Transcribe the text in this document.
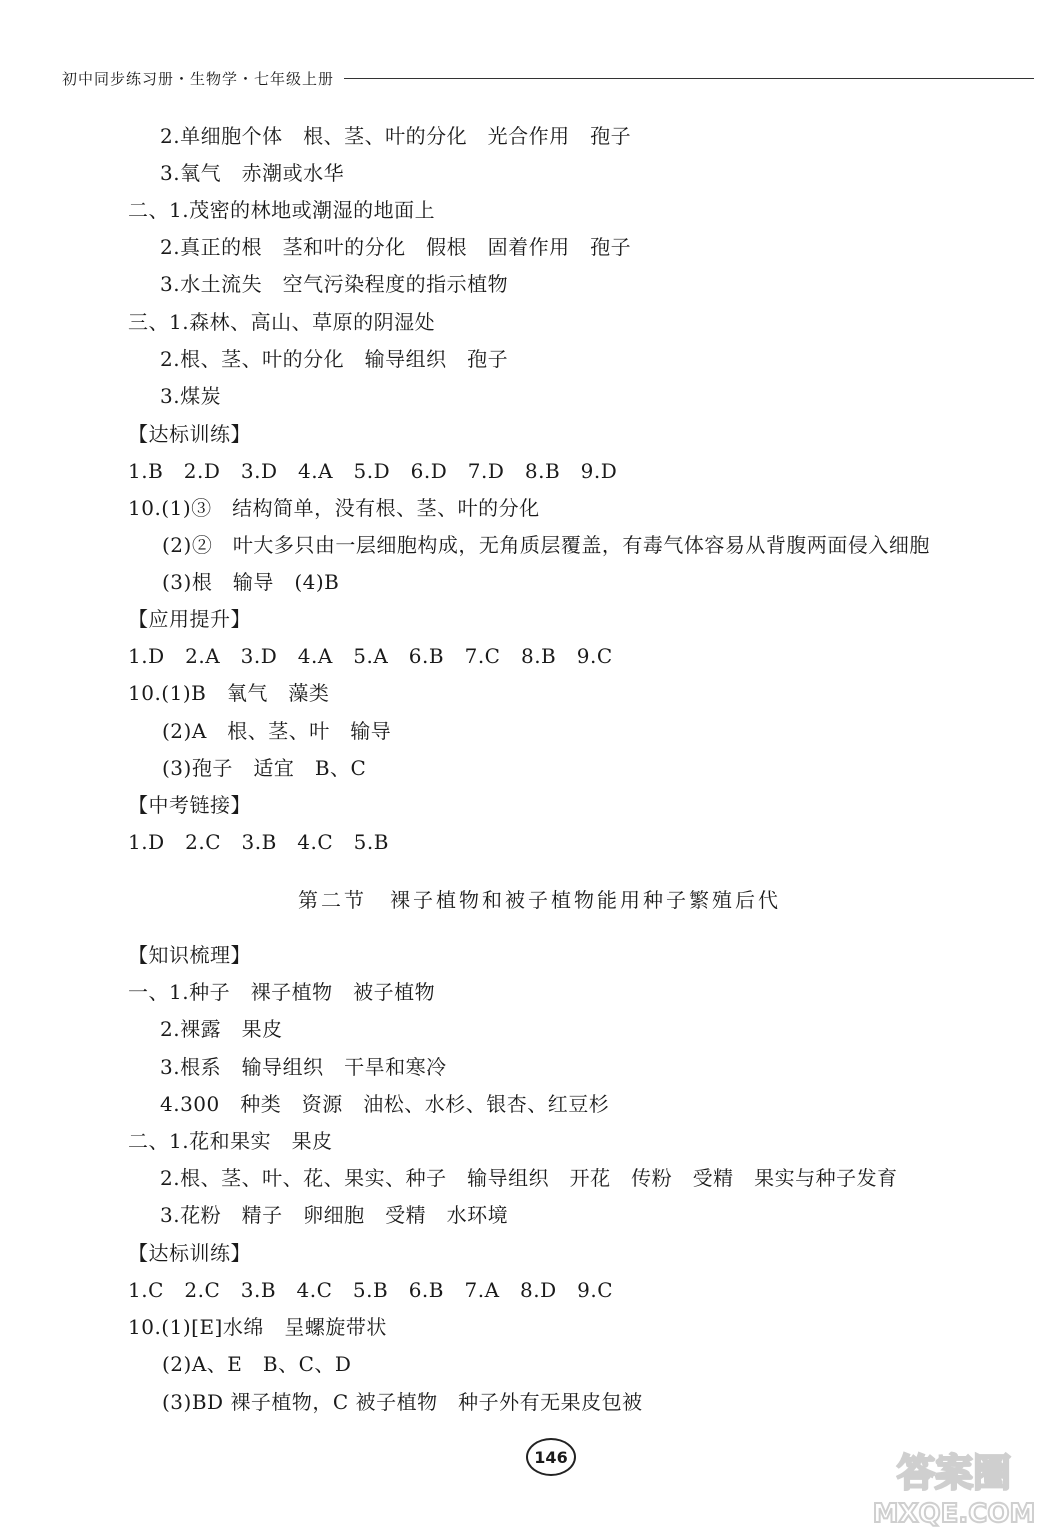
初中同步练习册・生物学・七年级上册
2.单细胞个体　根、茎、叶的分化　光合作用　孢子
3.氧气　赤潮或水华
二、1.茂密的林地或潮湿的地面上
2.真正的根　茎和叶的分化　假根　固着作用　孢子
3.水土流失　空气污染程度的指示植物
三、1.森林、高山、草原的阴湿处
2.根、茎、叶的分化　输导组织　孢子
3.煤炭
【达标训练】
1.B　2.D　3.D　4.A　5.D　6.D　7.D　8.B　9.D
10.(1)③　结构简单，没有根、茎、叶的分化
(2)②　叶大多只由一层细胞构成，无角质层覆盖，有毒气体容易从背腹两面侵入细胞
(3)根　输导　(4)B
【应用提升】
1.D　2.A　3.D　4.A　5.A　6.B　7.C　8.B　9.C
10.(1)B　氧气　藻类
(2)A　根、茎、叶　输导
(3)孢子　适宜　B、C
【中考链接】
1.D　2.C　3.B　4.C　5.B
第二节　裸子植物和被子植物能用种子繁殖后代
【知识梳理】
一、1.种子　裸子植物　被子植物
2.裸露　果皮
3.根系　输导组织　干旱和寒冷
4.300　种类　资源　油松、水杉、银杏、红豆杉
二、1.花和果实　果皮
2.根、茎、叶、花、果实、种子　输导组织　开花　传粉　受精　果实与种子发育
3.花粉　精子　卵细胞　受精　水环境
【达标训练】
1.C　2.C　3.B　4.C　5.B　6.B　7.A　8.D　9.C
10.(1)[E]水绵　呈螺旋带状
(2)A、E　B、C、D
(3)BD 裸子植物，C 被子植物　种子外有无果皮包被
146	答案圈
MXQE.COM
